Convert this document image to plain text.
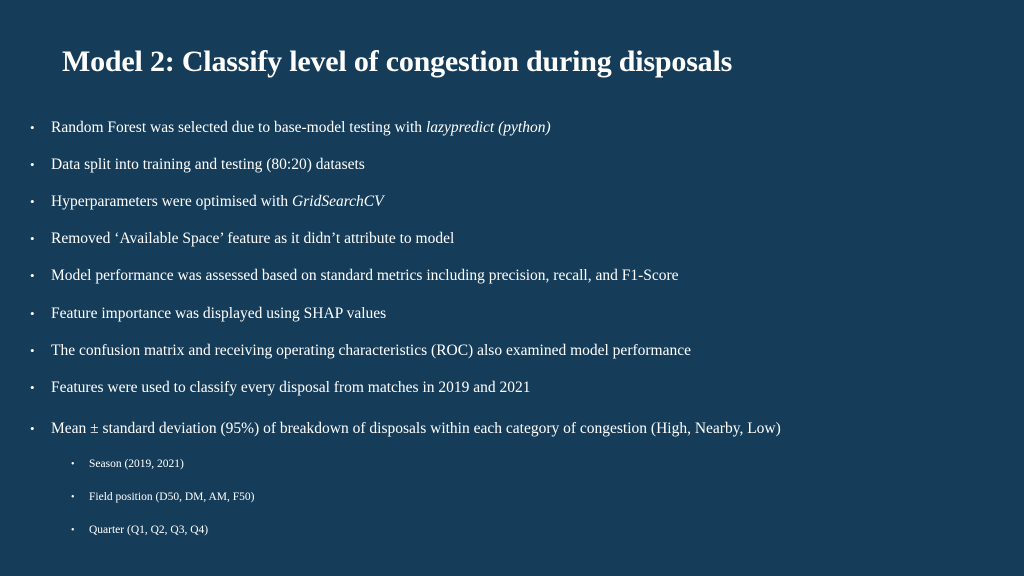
Model 2: Classify level of congestion during disposals
• Random Forest was selected due to base-model testing with lazypredict (python)
• Data split into training and testing (80:20) datasets
• Hyperparameters were optimised with GridSearchCV
• Removed ‘Available Space’ feature as it didn’t attribute to model
• Model performance was assessed based on standard metrics including precision, recall, and F1-Score
• Feature importance was displayed using SHAP values
• The confusion matrix and receiving operating characteristics (ROC) also examined model performance
• Features were used to classify every disposal from matches in 2019 and 2021
• Mean ± standard deviation (95%) of breakdown of disposals within each category of congestion (High, Nearby, Low)
• Season (2019, 2021)
• Field position (D50, DM, AM, F50)
• Quarter (Q1, Q2, Q3, Q4)
